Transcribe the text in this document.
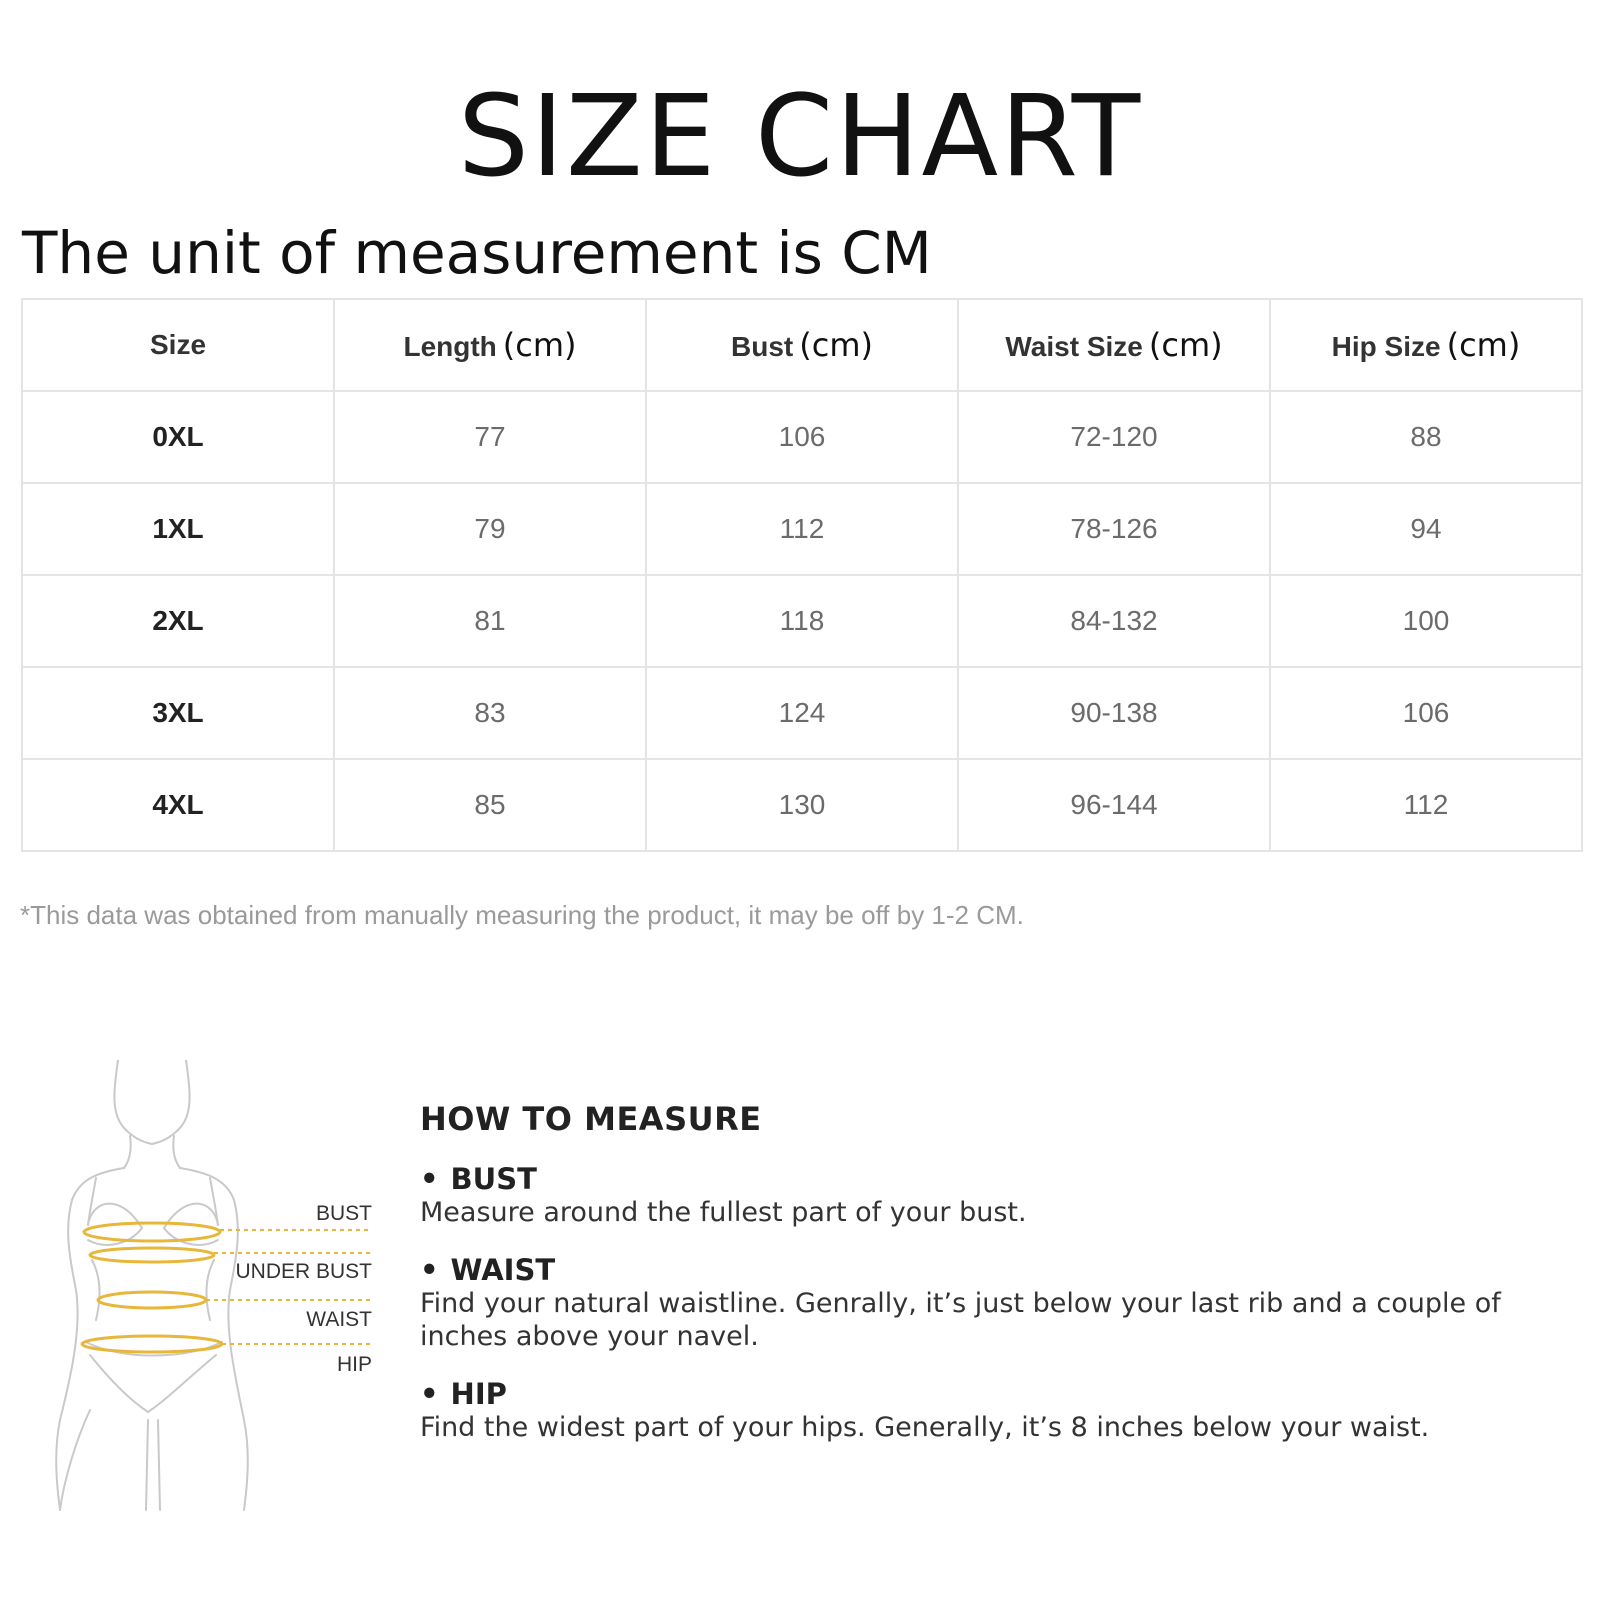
SIZE CHART

The unit of measurement is CM

Size	Length (cm)	Bust (cm)	Waist Size (cm)	Hip Size (cm)
0XL	77	106	72-120	88
1XL	79	112	78-126	94
2XL	81	118	84-132	100
3XL	83	124	90-138	106
4XL	85	130	96-144	112

*This data was obtained from manually measuring the product, it may be off by 1-2 CM.

BUST
UNDER BUST
WAIST
HIP
HOW TO MEASURE
• BUST
Measure around the fullest part of your bust.
• WAIST
Find your natural waistline. Genrally, it’s just below your last rib and a couple of inches above your navel.
• HIP
Find the widest part of your hips. Generally, it’s 8 inches below your waist.
